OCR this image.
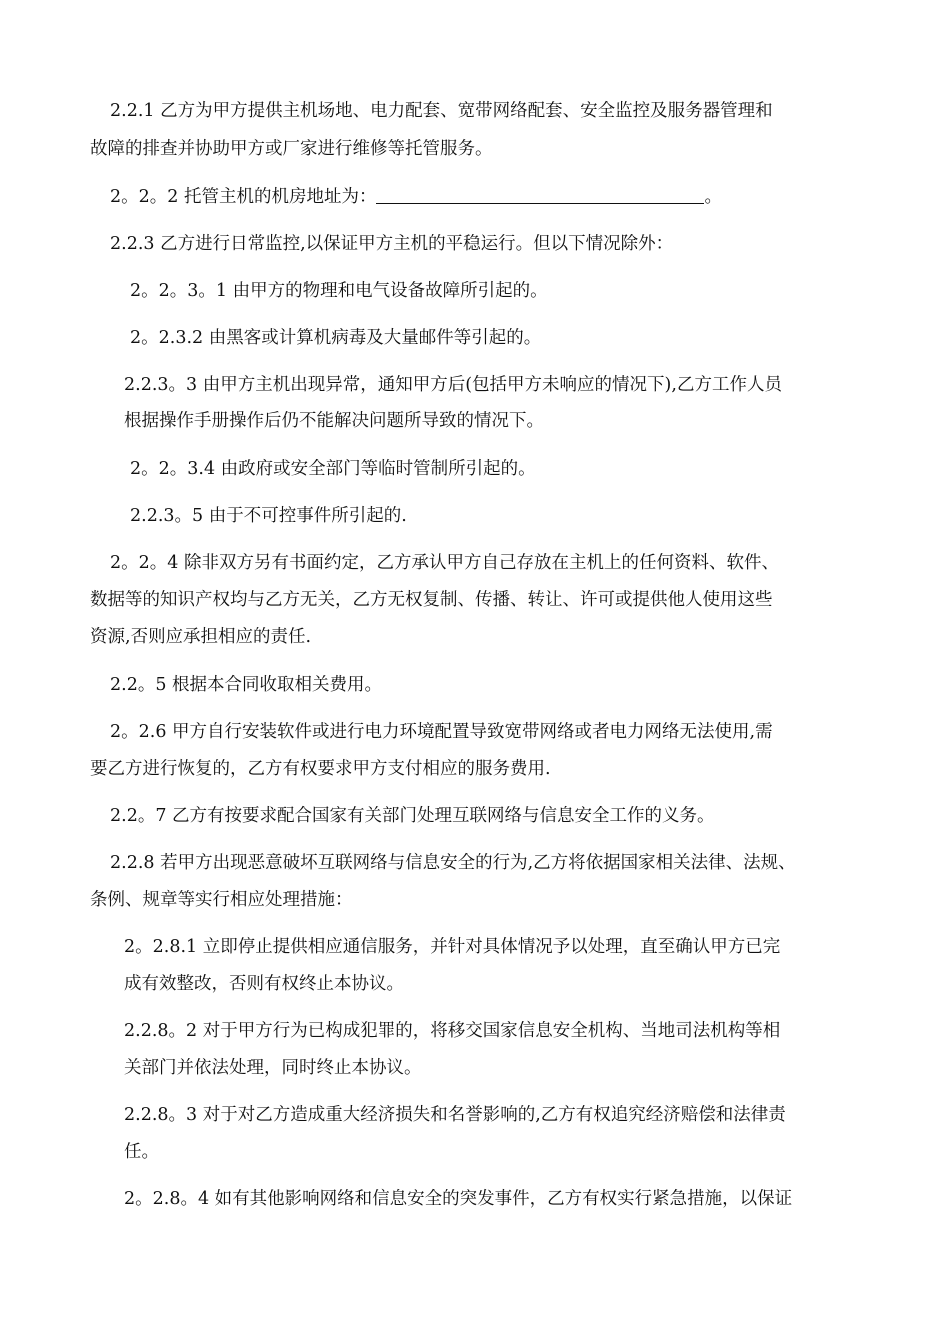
2.2.1 乙方为甲方提供主机场地、电力配套、宽带网络配套、安全监控及服务器管理和

故障的排查并协助甲方或厂家进行维修等托管服务。

2。2。2 托管主机的机房地址为：	。

2.2.3 乙方进行日常监控,以保证甲方主机的平稳运行。但以下情况除外：

2。2。3。1 由甲方的物理和电气设备故障所引起的。

2。2.3.2 由黑客或计算机病毒及大量邮件等引起的。

2.2.3。3 由甲方主机出现异常，通知甲方后(包括甲方未响应的情况下),乙方工作人员

根据操作手册操作后仍不能解决问题所导致的情况下。

2。2。3.4 由政府或安全部门等临时管制所引起的。

2.2.3。5 由于不可控事件所引起的.

2。2。4 除非双方另有书面约定，乙方承认甲方自己存放在主机上的任何资料、软件、

数据等的知识产权均与乙方无关，乙方无权复制、传播、转让、许可或提供他人使用这些

资源,否则应承担相应的责任.

2.2。5 根据本合同收取相关费用。

2。2.6 甲方自行安装软件或进行电力环境配置导致宽带网络或者电力网络无法使用,需

要乙方进行恢复的，乙方有权要求甲方支付相应的服务费用.

2.2。7 乙方有按要求配合国家有关部门处理互联网络与信息安全工作的义务。

2.2.8 若甲方出现恶意破坏互联网络与信息安全的行为,乙方将依据国家相关法律、法规、

条例、规章等实行相应处理措施：

2。2.8.1 立即停止提供相应通信服务，并针对具体情况予以处理，直至确认甲方已完

成有效整改，否则有权终止本协议。

2.2.8。2 对于甲方行为已构成犯罪的，将移交国家信息安全机构、当地司法机构等相

关部门并依法处理，同时终止本协议。

2.2.8。3 对于对乙方造成重大经济损失和名誉影响的,乙方有权追究经济赔偿和法律责

任。

2。2.8。4 如有其他影响网络和信息安全的突发事件，乙方有权实行紧急措施，以保证
